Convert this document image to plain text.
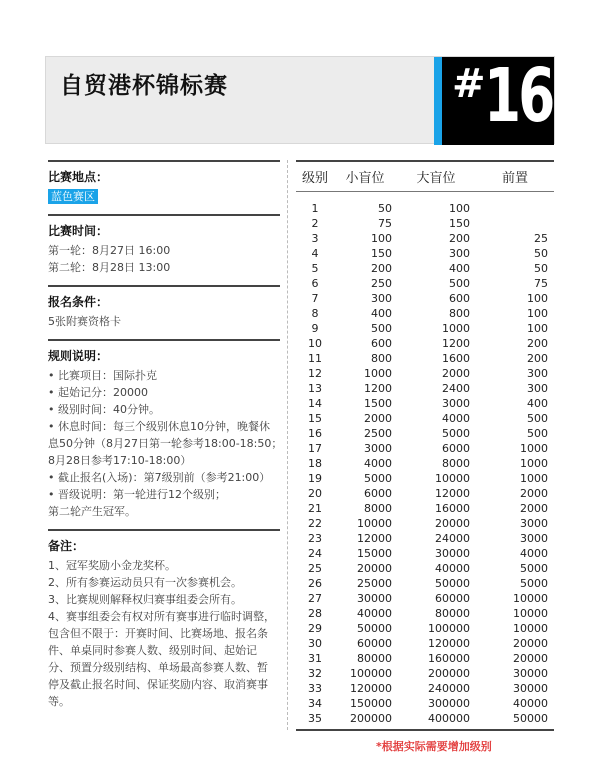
自贸港杯锦标赛	#
16
比赛地点：
蓝色赛区
比赛时间：
第一轮：8月27日 16:00
第二轮：8月28日 13:00
报名条件：
5张附赛资格卡
规则说明：
• 比赛项目：国际扑克
• 起始记分：20000
• 级别时间：40分钟。
• 休息时间：每三个级别休息10分钟，晚餐休
息50分钟（8月27日第一轮参考18:00-18:50；
8月28日参考17:10-18:00）
• 截止报名(入场)：第7级别前（参考21:00）
• 晋级说明：第一轮进行12个级别；
第二轮产生冠军。
备注：
1、冠军奖励小金龙奖杯。
2、所有参赛运动员只有一次参赛机会。
3、比赛规则解释权归赛事组委会所有。
4、赛事组委会有权对所有赛事进行临时调整，
包含但不限于：开赛时间、比赛场地、报名条
件、单桌同时参赛人数、级别时间、起始记
分、预置分级别结构、单场最高参赛人数、暂
停及截止报名时间、保证奖励内容、取消赛事
等。
级别	小盲位	大盲位	前置
1	50	100
2	75	150
3	100	200	25
4	150	300	50
5	200	400	50
6	250	500	75
7	300	600	100
8	400	800	100
9	500	1000	100
10	600	1200	200
11	800	1600	200
12	1000	2000	300
13	1200	2400	300
14	1500	3000	400
15	2000	4000	500
16	2500	5000	500
17	3000	6000	1000
18	4000	8000	1000
19	5000	10000	1000
20	6000	12000	2000
21	8000	16000	2000
22	10000	20000	3000
23	12000	24000	3000
24	15000	30000	4000
25	20000	40000	5000
26	25000	50000	5000
27	30000	60000	10000
28	40000	80000	10000
29	50000	100000	10000
30	60000	120000	20000
31	80000	160000	20000
32	100000	200000	30000
33	120000	240000	30000
34	150000	300000	40000
35	200000	400000	50000
*根据实际需要增加级别
